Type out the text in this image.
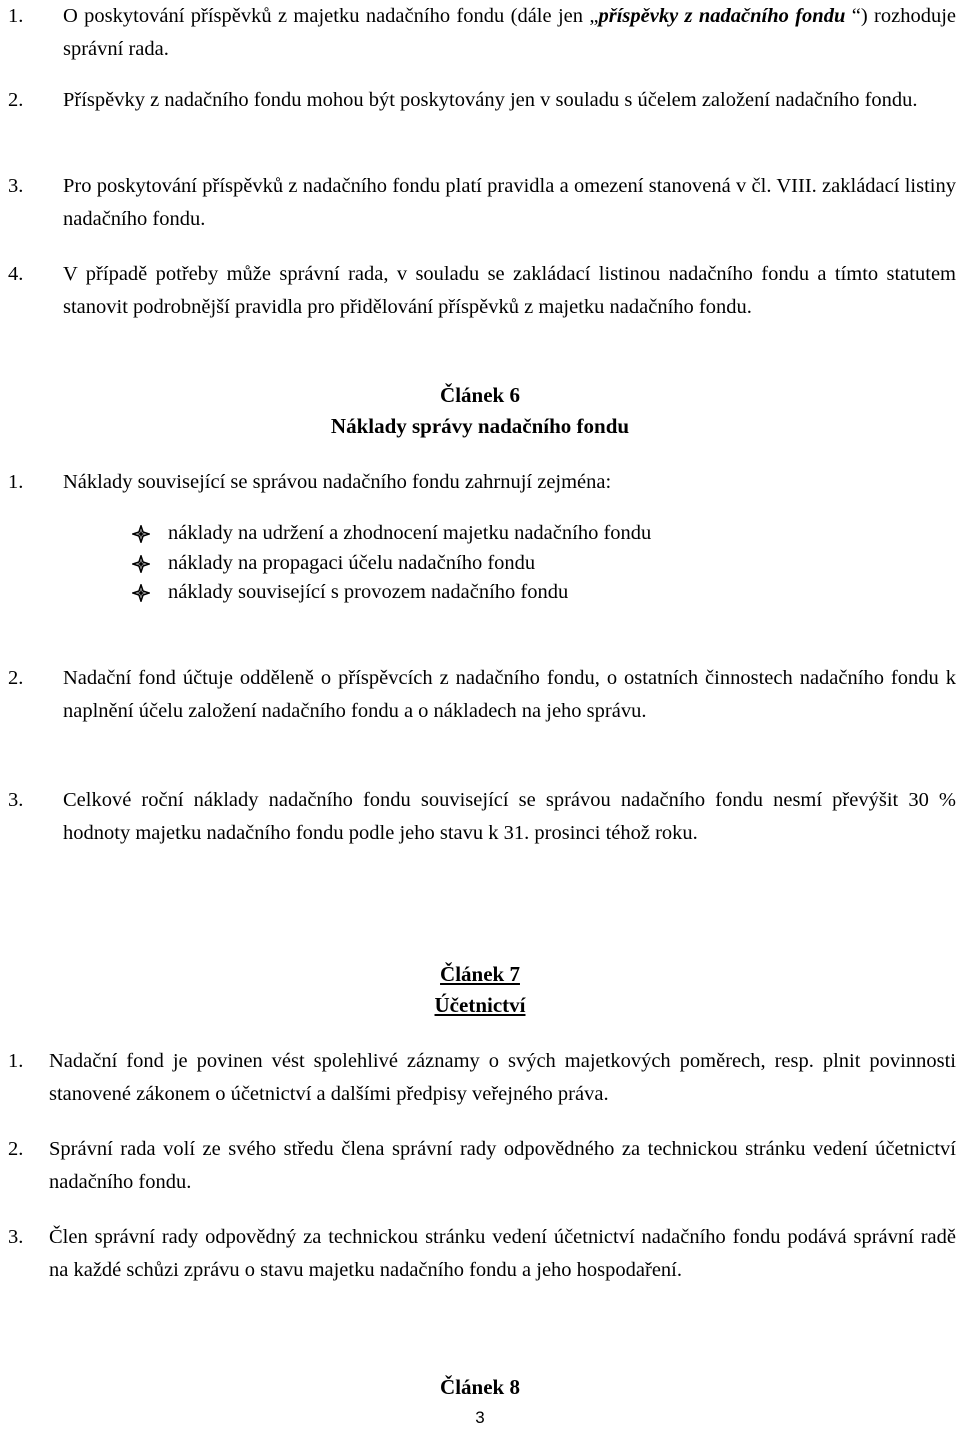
1.	O poskytování příspěvků z majetku nadačního fondu (dále jen „příspěvky z nadačního fondu “) rozhoduje správní rada.
2.	Příspěvky z nadačního fondu mohou být poskytovány jen v souladu s účelem založení nadačního fondu.
3.	Pro poskytování příspěvků z nadačního fondu platí pravidla a omezení stanovená v čl. VIII. zakládací listiny nadačního fondu.
4.	V případě potřeby může správní rada, v souladu se zakládací listinou nadačního fondu a tímto statutem stanovit podrobnější pravidla pro přidělování příspěvků z majetku nadačního fondu.
Článek 6
Náklady správy nadačního fondu
1.	Náklady související se správou nadačního fondu zahrnují zejména:
náklady na udržení a zhodnocení majetku nadačního fondu
náklady na propagaci účelu nadačního fondu
náklady související s provozem nadačního fondu
2.	Nadační fond účtuje odděleně o příspěvcích z nadačního fondu, o ostatních činnostech nadačního fondu k naplnění účelu založení nadačního fondu a o nákladech na jeho správu.
3.	Celkové roční náklady nadačního fondu související se správou nadačního fondu nesmí převýšit 30 % hodnoty majetku nadačního fondu podle jeho stavu k 31. prosinci téhož roku.
Článek 7
Účetnictví
1.	Nadační fond je povinen vést spolehlivé záznamy o svých majetkových poměrech, resp. plnit povinnosti stanovené zákonem o účetnictví a dalšími předpisy veřejného práva.
2.	Správní rada volí ze svého středu člena správní rady odpovědného za technickou stránku vedení účetnictví nadačního fondu.
3.	Člen správní rady odpovědný za technickou stránku vedení účetnictví nadačního fondu podává správní radě na každé schůzi zprávu o stavu majetku nadačního fondu a jeho hospodaření.
Článek 8
3
